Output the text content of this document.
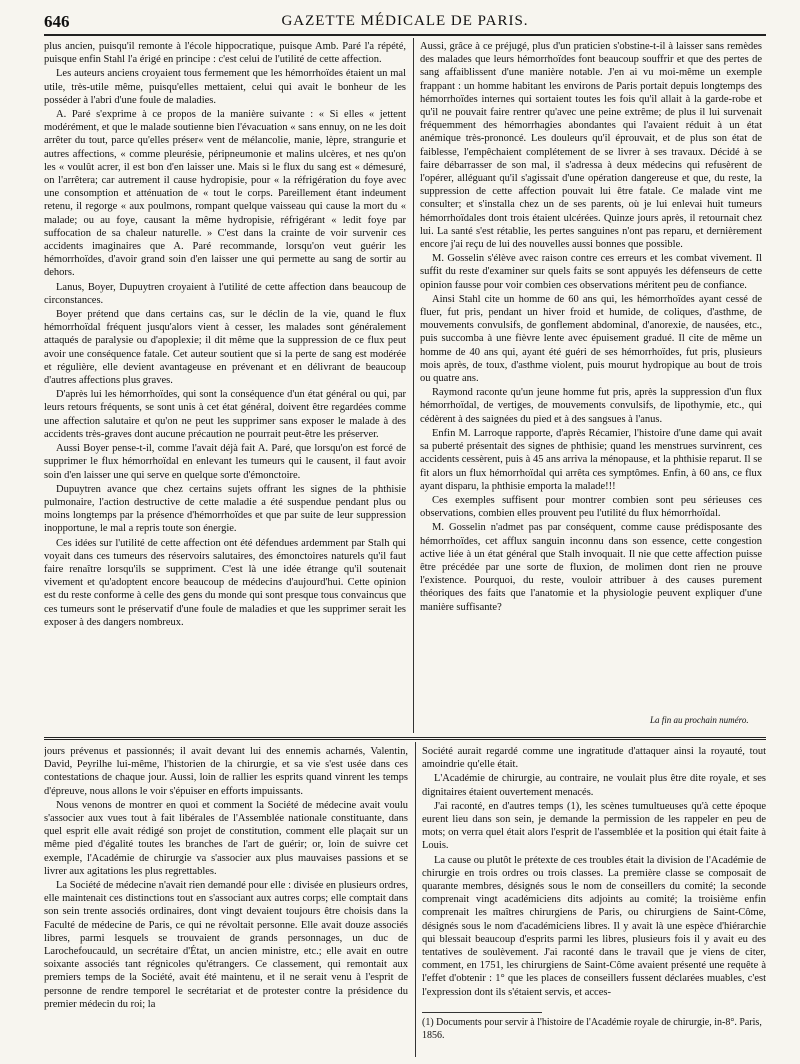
646	GAZETTE MÉDICALE DE PARIS.

plus ancien, puisqu'il remonte à l'école hippocratique, puisque Amb. Paré l'a répété, puisque enfin Stahl l'a érigé en principe : c'est celui de l'utilité de cette affection.

Les auteurs anciens croyaient tous fermement que les hémorrhoïdes étaient un mal utile, très-utile même, puisqu'elles mettaient, celui qui avait le bonheur de les posséder à l'abri d'une foule de maladies.

A. Paré s'exprime à ce propos de la manière suivante : « Si elles « jettent modérément, et que le malade soutienne bien l'évacuation « sans ennuy, on ne les doit arrêter du tout, parce qu'elles préser« vent de mélancolie, manie, lèpre, strangurie et autres affections, « comme pleurésie, péripneumonie et malins ulcères, et nes qu'on les « voulût acrer, il est bon d'en laisser une. Mais si le flux du sang est « démesuré, on l'arrêtera; car autrement il cause hydropisie, pour « la réfrigération du foye avec une consomption et atténuation de « tout le corps. Pareillement étant indeument retenu, il regorge « aux poulmons, rompant quelque vaisseau qui cause la mort du « malade; ou au foye, causant la même hydropisie, réfrigérant « ledit foye par suffocation de sa chaleur naturelle. » C'est dans la crainte de voir survenir ces accidents imaginaires que A. Paré recommande, lorsqu'on veut guérir les hémorrhoïdes, d'avoir grand soin d'en laisser une qui permette au sang de sortir au dehors.

Lanus, Boyer, Dupuytren croyaient à l'utilité de cette affection dans beaucoup de circonstances.

Boyer prétend que dans certains cas, sur le déclin de la vie, quand le flux hémorrhoïdal fréquent jusqu'alors vient à cesser, les malades sont généralement attaqués de paralysie ou d'apoplexie; il dit même que la suppression de ce flux peut avoir une conséquence fatale. Cet auteur soutient que si la perte de sang est modérée et régulière, elle devient avantageuse en prévenant et en délivrant de beaucoup d'autres affections plus graves.

D'après lui les hémorrhoïdes, qui sont la conséquence d'un état général ou qui, par leurs retours fréquents, se sont unis à cet état général, doivent être regardées comme une affection salutaire et qu'on ne peut les supprimer sans exposer le malade à des accidents très-graves dont aucune précaution ne pourrait peut-être les préserver.

Aussi Boyer pense-t-il, comme l'avait déjà fait A. Paré, que lorsqu'on est forcé de supprimer le flux hémorrhoïdal en enlevant les tumeurs qui le causent, il faut avoir soin d'en laisser une qui serve en quelque sorte d'émonctoire.

Dupuytren avance que chez certains sujets offrant les signes de la phthisie pulmonaire, l'action destructive de cette maladie a été suspendue pendant plus ou moins longtemps par la présence d'hémorrhoïdes et que par suite de leur suppression inopportune, le mal a repris toute son énergie.

Ces idées sur l'utilité de cette affection ont été défendues ardemment par Stalh qui voyait dans ces tumeurs des réservoirs salutaires, des émonctoires naturels qu'il faut faire renaître lorsqu'ils se suppriment. C'est là une idée étrange qu'il soutenait vivement et qu'adoptent encore beaucoup de médecins d'aujourd'hui. Cette opinion est du reste conforme à celle des gens du monde qui sont presque tous convaincus que ces tumeurs sont le préservatif d'une foule de maladies et que les supprimer serait les exposer à des dangers nombreux.

Aussi, grâce à ce préjugé, plus d'un praticien s'obstine-t-il à laisser sans remèdes des malades que leurs hémorrhoïdes font beaucoup souffrir et que des pertes de sang affaiblissent d'une manière notable. J'en ai vu moi-même un exemple frappant : un homme habitant les environs de Paris portait depuis longtemps des hémorrhoïdes internes qui sortaient toutes les fois qu'il allait à la garde-robe et qu'il ne pouvait faire rentrer qu'avec une peine extrême; de plus il lui survenait fréquemment des hémorrhagies abondantes qui l'avaient réduit à un état anémique très-prononcé. Les douleurs qu'il éprouvait, et de plus son état de faiblesse, l'empêchaient complétement de se livrer à ses travaux. Décidé à se faire débarrasser de son mal, il s'adressa à deux médecins qui refusèrent de l'opérer, alléguant qu'il s'agissait d'une opération dangereuse et que, du reste, la suppression de cette affection pouvait lui être fatale. Ce malade vint me consulter; et s'installa chez un de ses parents, où je lui enlevai huit tumeurs hémorrhoïdales dont trois étaient ulcérées. Quinze jours après, il retournait chez lui. La santé s'est rétablie, les pertes sanguines n'ont pas reparu, et dernièrement encore j'ai reçu de lui des nouvelles aussi bonnes que possible.

M. Gosselin s'élève avec raison contre ces erreurs et les combat vivement. Il suffit du reste d'examiner sur quels faits se sont appuyés les défenseurs de cette opinion fausse pour voir combien ces observations méritent peu de confiance.

Ainsi Stahl cite un homme de 60 ans qui, les hémorrhoïdes ayant cessé de fluer, fut pris, pendant un hiver froid et humide, de coliques, d'asthme, de mouvements convulsifs, de gonflement abdominal, d'anorexie, de nausées, etc., puis succomba à une fièvre lente avec épuisement gradué. Il cite de même un homme de 40 ans qui, ayant été guéri de ses hémorrhoïdes, fut pris, plusieurs mois après, de toux, d'asthme violent, puis mourut hydropique au bout de trois ou quatre ans.

Raymond raconte qu'un jeune homme fut pris, après la suppression d'un flux hémorrhoïdal, de vertiges, de mouvements convulsifs, de lipothymie, etc., qui cédèrent à des saignées du pied et à des sangsues à l'anus.

Enfin M. Larroque rapporte, d'après Récamier, l'histoire d'une dame qui avait sa puberté présentait des signes de phthisie; quand les menstrues survinrent, ces accidents cessèrent, puis à 45 ans arriva la ménopause, et la phthisie reparut. Il se fit alors un flux hémorrhoïdal qui arrêta ces symptômes. Enfin, à 60 ans, ce flux ayant disparu, la phthisie emporta la malade!!!

Ces exemples suffisent pour montrer combien sont peu sérieuses ces observations, combien elles prouvent peu l'utilité du flux hémorrhoïdal.

M. Gosselin n'admet pas par conséquent, comme cause prédisposante des hémorrhoïdes, cet afflux sanguin inconnu dans son essence, cette congestion active liée à un état général que Stalh invoquait. Il nie que cette affection puisse être précédée par une sorte de fluxion, de molimen dont rien ne prouve l'existence. Pourquoi, du reste, vouloir attribuer à des causes purement théoriques des faits que l'anatomie et la physiologie peuvent expliquer d'une manière suffisante?

La fin au prochain numéro.

jours prévenus et passionnés; il avait devant lui des ennemis acharnés, Valentin, David, Peyrilhe lui-même, l'historien de la chirurgie, et sa vie s'est usée dans ces contestations de chaque jour. Aussi, loin de rallier les esprits quand vinrent les temps d'épreuve, nous allons le voir s'épuiser en efforts impuissants.

Nous venons de montrer en quoi et comment la Société de médecine avait voulu s'associer aux vues tout à fait libérales de l'Assemblée nationale constituante, dans quel esprit elle avait rédigé son projet de constitution, comment elle plaçait sur un même pied d'égalité toutes les branches de l'art de guérir; or, loin de suivre cet exemple, l'Académie de chirurgie va s'associer aux plus mauvaises passions et se livrer aux agitations les plus regrettables.

La Société de médecine n'avait rien demandé pour elle : divisée en plusieurs ordres, elle maintenait ces distinctions tout en s'associant aux autres corps; elle comptait dans son sein trente associés ordinaires, dont vingt devaient toujours être choisis dans la Faculté de médecine de Paris, ce qui ne révoltait personne. Elle avait douze associés libres, parmi lesquels se trouvaient de grands personnages, un duc de Larochefoucauld, un secrétaire d'État, un ancien ministre, etc.; elle avait en outre soixante associés tant régnicoles qu'étrangers. Ce classement, qui remontait aux premiers temps de la Société, avait été maintenu, et il ne serait venu à l'esprit de personne de rendre temporel le secrétariat et de protester contre la présidence du premier médecin du roi; la

Société aurait regardé comme une ingratitude d'attaquer ainsi la royauté, tout amoindrie qu'elle était.

L'Académie de chirurgie, au contraire, ne voulait plus être dite royale, et ses dignitaires étaient ouvertement menacés.

J'ai raconté, en d'autres temps (1), les scènes tumultueuses qu'à cette époque eurent lieu dans son sein, je demande la permission de les rappeler en peu de mots; on verra quel était alors l'esprit de l'assemblée et la position qui était faite à Louis.

La cause ou plutôt le prétexte de ces troubles était la division de l'Académie de chirurgie en trois ordres ou trois classes. La première classe se composait de quarante membres, désignés sous le nom de conseillers du comité; la seconde comprenait vingt académiciens dits adjoints au comité; la troisième enfin comprenait les maîtres chirurgiens de Paris, ou chirurgiens de Saint-Côme, désignés sous le nom d'académiciens libres. Il y avait là une espèce d'hiérarchie qui blessait beaucoup d'esprits parmi les libres, plusieurs fois il y avait eu des tentatives de soulèvement. J'ai raconté dans le travail que je viens de citer, comment, en 1751, les chirurgiens de Saint-Côme avaient présenté une requête à l'effet d'obtenir : 1° que les places de conseillers fussent déclarées muables, c'est l'expression dont ils s'étaient servis, et acces-

(1) Documents pour servir à l'histoire de l'Académie royale de chirurgie, in-8°. Paris, 1856.
